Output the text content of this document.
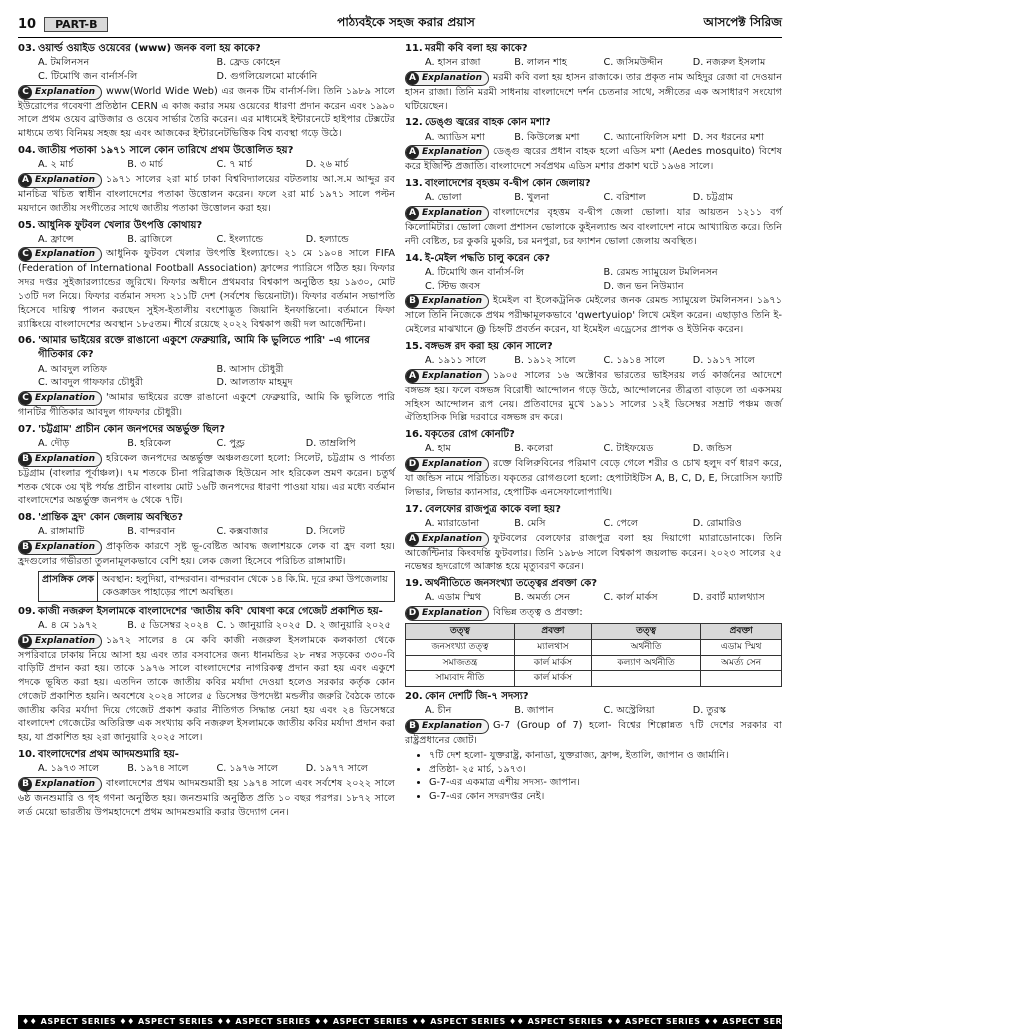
10	PART-B	পাঠ্যবইকে সহজ করার প্রয়াস	আসপেক্ট সিরিজ
03. ওয়ার্ল্ড ওয়াইড ওয়েবের (www) জনক বলা হয় কাকে?
A. টমলিনসন	B. ফ্রেড কোহেন
C. টিমোথি জন বার্নার্স-লি	D. গুগলিয়েলমো মার্কোনি
C Explanation www(World Wide Web) এর জনক টিম বার্নার্স-লি। তিনি ১৯৮৯ সালে ইউরোপের গবেষণা প্রতিষ্ঠান CERN এ কাজ করার সময় ওয়েবের ধারণা প্রদান করেন এবং ১৯৯০ সালে প্রথম ওয়েব ব্রাউজার ও ওয়েব সার্ভার তৈরি করেন। এর মাধ্যমেই ইন্টারনেটে হাইপার টেক্সটের মাধ্যমে তথ্য বিনিময় সহজ হয় এবং আজকের ইন্টারনেটভিত্তিক বিশ্ব ব্যবস্থা গড়ে উঠে।
04. জাতীয় পতাকা ১৯৭১ সালে কোন তারিখে প্রথম উত্তোলিত হয়?
A. ২ মার্চ	B. ৩ মার্চ	C. ৭ মার্চ	D. ২৬ মার্চ
A Explanation ১৯৭১ সালের ২রা মার্চ ঢাকা বিশ্ববিদ্যালয়ের বটতলায় আ.স.ম আব্দুর রব মানচিত্র খচিত স্বাধীন বাংলাদেশের পতাকা উত্তোলন করেন। ফলে ২রা মার্চ ১৯৭১ সালে পল্টন ময়দানে জাতীয় সংগীতের সাথে জাতীয় পতাকা উত্তোলন করা হয়।
05. আধুনিক ফুটবল খেলার উৎপত্তি কোথায়?
A. ফ্রান্সে	B. ব্রাজিলে	C. ইংল্যান্ডে	D. হল্যান্ডে
C Explanation আধুনিক ফুটবল খেলার উৎপত্তি ইংল্যান্ডে। ২১ মে ১৯০৪ সালে FIFA (Federation of International Football Association) ফ্রান্সের প্যারিসে গঠিত হয়। ফিফার সদর দপ্তর সুইজারল্যান্ডের জুরিখে। ফিফার অধীনে প্রথমবার বিশ্বকাপ অনুষ্ঠিত হয় ১৯৩০, মোট ১৩টি দল নিয়ে। ফিফার বর্তমান সদস্য ২১১টি দেশ (সর্বশেষ ভিয়েনাটা)। ফিফার বর্তমান সভাপতি হিসেবে দায়িত্ব পালন করছেন সুইস-ইতালীয় বংশোদ্ভূত জিয়ানি ইনফান্তিনো। বর্তমানে ফিফা র‍্যাঙ্কিংয়ে বাংলাদেশের অবস্থান ১৮৫তম। শীর্ষে রয়েছে ২০২২ বিশ্বকাপ জয়ী দল আর্জেন্টিনা।
06. 'আমার ভাইয়ের রক্তে রাঙানো একুশে ফেব্রুয়ারি, আমি কি ভুলিতে পারি' –এ গানের গীতিকার কে?
A. আবদুল লতিফ	B. আসাদ চৌধুরী
C. আবদুল গাফফার চৌধুরী	D. আলতাফ মাহমুদ
C Explanation 'আমার ভাইয়ের রক্তে রাঙানো একুশে ফেব্রুয়ারি, আমি কি ভুলিতে পারি গানটির গীতিকার আবদুল গাফফার চৌধুরী।
07. 'চট্টগ্রাম' প্রাচীন কোন জনপদের অন্তর্ভুক্ত ছিল?
A. দৌড়	B. হরিকেল	C. পুণ্ড্র	D. তাম্রলিপি
B Explanation হরিকেল জনপদের অন্তর্ভুক্ত অঞ্চলগুলো হলো: সিলেট, চট্টগ্রাম ও পার্বত্য চট্টগ্রাম (বাংলার পূর্বাঞ্চল)। ৭ম শতকে চীনা পরিব্রাজক হিউয়েন সাং হরিকেল ভ্রমণ করেন। চতুর্থ শতক থেকে ৩য় খৃষ্ট পর্যন্ত প্রাচীন বাংলায় মোট ১৬টি জনপদের ধারণা পাওয়া যায়। এর মধ্যে বর্তমান বাংলাদেশের অন্তর্ভুক্ত জনপদ ৬ থেকে ৭টি।
08. 'প্রান্তিক হ্রদ' কোন জেলায় অবস্থিত?
A. রাঙ্গামাটি	B. বান্দরবান	C. কক্সবাজার	D. সিলেট
B Explanation প্রাকৃতিক কারণে সৃষ্ট ভূ-বেষ্টিত আবদ্ধ জলাশয়কে লেক বা হ্রদ বলা হয়। হ্রদগুলোর গভীরতা তুলনামূলকভাবে বেশি হয়। লেক জেলা হিসেবে পরিচিত রাঙ্গামাটি।
প্রাসঙ্গিক লেক অবস্থান: হলুদিয়া, বান্দরবান। বান্দরবান থেকে ১৪ কি.মি. দূরে রুমা উপজেলায় কেওক্রাডং পাহাড়ের পাশে অবস্থিত।
09. কাজী নজরুল ইসলামকে বাংলাদেশের 'জাতীয় কবি' ঘোষণা করে গেজেট প্রকাশিত হয়-
A. ৪ মে ১৯৭২	B. ৫ ডিসেম্বর ২০২৪ C. ১ জানুয়ারি ২০২৫ D. ২ জানুয়ারি ২০২৫
D Explanation ১৯৭২ সালের ৪ মে কবি কাজী নজরুল ইসলামকে কলকাতা থেকে সপরিবারে ঢাকায় নিয়ে আসা হয় এবং তার বসবাসের জন্য ধানমন্ডির ২৮ নম্বর সড়কের ৩৩০-বি বাড়িটি প্রদান করা হয়। তাকে ১৯৭৬ সালে বাংলাদেশের নাগরিকত্ব প্রদান করা হয় এবং একুশে পদকে ভূষিত করা হয়। এতদিন তাকে জাতীয় কবির মর্যাদা দেওয়া হলেও সরকার কর্তৃক কোন গেজেট প্রকাশিত হয়নি। অবশেষে ২০২৪ সালের ৫ ডিসেম্বর উপদেষ্টা মন্ডলীর জরুরি বৈঠকে তাকে জাতীয় কবির মর্যাদা দিয়ে গেজেট প্রকাশ করার নীতিগত সিদ্ধান্ত নেয়া হয় এবং ২৪ ডিসেম্বরে বাংলাদেশ গেজেটের অতিরিক্ত এক সংখ্যায় কবি নজরুল ইসলামকে জাতীয় কবির মর্যাদা প্রদান করা হয়, যা প্রকাশিত হয় ২রা জানুয়ারি ২০২৫ সালে।
10. বাংলাদেশের প্রথম আদমশুমারি হয়-
A. ১৯৭৩ সালে	B. ১৯৭৪ সালে	C. ১৯৭৬ সালে	D. ১৯৭৭ সালে
B Explanation বাংলাদেশের প্রথম আদমশুমারী হয় ১৯৭৪ সালে এবং সর্বশেষ ২০২২ সালে ৬ষ্ঠ জনশুমারি ও গৃহ গণনা অনুষ্ঠিত হয়। জনশুমারি অনুষ্ঠিত প্রতি ১০ বছর পরপর। ১৮৭২ সালে লর্ড মেয়ো ভারতীয় উপমহাদেশে প্রথম আদমশুমারি করার উদ্যোগ নেন।
11. মরমী কবি বলা হয় কাকে?
A. হাসন রাজা	B. লালন শাহ	C. জসিমউদ্দীন	D. নজরুল ইসলাম
A Explanation মরমী কবি বলা হয় হাসন রাজাকে। তার প্রকৃত নাম অহিদুর রেজা বা দেওয়ান হাসন রাজা। তিনি মরমী সাধনায় বাংলাদেশে দর্শন চেতনার সাথে, সঙ্গীতের এক অসাধারণ সংযোগ ঘটিয়েছেন।
12. ডেঙ্গু জ্বরের বাহক কোন মশা?
A. অ্যাডিস মশা	B. কিউলেক্স মশা	C. অ্যানোফিলিস মশা D. সব ধরনের মশা
A Explanation ডেঙ্গু জ্বরের প্রধান বাহক হলো এডিস মশা (Aedes mosquito) বিশেষ করে ইজিপ্টি প্রজাতি। বাংলাদেশে সর্বপ্রথম এডিস মশার প্রকাশ ঘটে ১৯৬৪ সালে।
13. বাংলাদেশের বৃহত্তম ব-দ্বীপ কোন জেলায়?
A. ভোলা	B. খুলনা	C. বরিশাল	D. চট্টগ্রাম
A Explanation বাংলাদেশের বৃহত্তম ব-দ্বীপ জেলা ভোলা। যার আয়তন ১২১১ বর্গ কিলোমিটার। ভোলা জেলা প্রশাসন ভোলাকে কুইনল্যান্ড অব বাংলাদেশ নামে আখ্যায়িত করে। তিনি নদী বেষ্টিত, চর কুকরি মুকরি, চর মনপুরা, চর ফ্যাশন ভোলা জেলায় অবস্থিত।
14. ই-মেইল পদ্ধতি চালু করেন কে?
A. টিমোথি জন বার্নার্স-লি	B. রেমন্ড স্যামুয়েল টমলিনসন
C. স্টিভ জবস	D. জন ভন নিউম্যান
B Explanation ইমেইল বা ইলেকট্রনিক মেইলের জনক রেমন্ড স্যামুয়েল টমলিনসন। ১৯৭১ সালে তিনি নিজেকে প্রথম পরীক্ষামূলকভাবে 'qwertyuiop' লিখে মেইল করেন। এছাড়াও তিনি ই-মেইলের মাঝখানে @ চিহ্নটি প্রবর্তন করেন, যা ইমেইল এড্রেসের প্রাপক ও ইউনিক করেন।
15. বঙ্গভঙ্গ রদ করা হয় কোন সালে?
A. ১৯১১ সালে	B. ১৯১২ সালে	C. ১৯১৪ সালে	D. ১৯১৭ সালে
A Explanation ১৯০৫ সালের ১৬ অক্টোবর ভারতের ভাইসরয় লর্ড কার্জনের আদেশে বঙ্গভঙ্গ হয়। ফলে বঙ্গভঙ্গ বিরোধী আন্দোলন গড়ে উঠে, আন্দোলনের তীব্রতা বাড়লে তা একসময় সহিংস আন্দোলন রূপ নেয়। প্রতিবাদের মুখে ১৯১১ সালের ১২ই ডিসেম্বর সম্রাট পঞ্চম জর্জ ঐতিহাসিক দিল্লি দরবারে বঙ্গভঙ্গ রদ করে।
16. যকৃতের রোগ কোনটি?
A. হাম	B. কলেরা	C. টাইফয়েড	D. জন্ডিস
D Explanation রক্তে বিলিরুবিনের পরিমাণ বেড়ে গেলে শরীর ও চোখ হলুদ বর্ণ ধারণ করে, যা জন্ডিস নামে পরিচিত। যকৃতের রোগগুলো হলো: হেপাটাইটিস A, B, C, D, E, সিরোসিস ফ্যাটি লিভার, লিভার ক্যানসার, হেপাটিক এনসেফালোপ্যাথি।
17. বেলফোর রাজপুত্র কাকে বলা হয়?
A. ম্যারাডোনা	B. মেসি	C. পেলে	D. রোমারিও
A Explanation ফুটবলের বেলফোর রাজপুত্র বলা হয় দিয়াগো ম্যারাডোনাকে। তিনি আর্জেন্টিনার কিংবদন্তি ফুটবলার। তিনি ১৯৮৬ সালে বিশ্বকাপ জয়লাভ করেন। ২০২৩ সালের ২৫ নভেম্বর হৃদরোগে আক্রান্ত হয়ে মৃত্যুবরণ করেন।
19. অর্থনীতিতে জনসংখ্যা তত্ত্বের প্রবক্তা কে?
A. এডাম স্মিথ	B. অমর্ত্য সেন	C. কার্ল মার্কস	D. রবার্ট ম্যালথ্যাস
D Explanation বিভিন্ন তত্ত্ব ও প্রবক্তা:
তত্ত্ব	প্রবক্তা	তত্ত্ব	প্রবক্তা
জনসংখ্যা তত্ত্ব	ম্যালথাস	অর্থনীতি	এডাম স্মিথ
সমাজতন্ত্র	কার্ল মার্কস	কল্যাণ অর্থনীতি	অমর্ত্য সেন
সাম্যবাদ নীতি	কার্ল মার্কস		
20. কোন দেশটি জি-৭ সদস্য?
A. চীন	B. জাপান	C. অস্ট্রেলিয়া	D. তুরস্ক
B Explanation G-7 (Group of 7) হলো- বিশ্বের শিল্পোন্নত ৭টি দেশের সরকার বা রাষ্ট্রপ্রধানের জোট।
• ৭টি দেশ হলো- যুক্তরাষ্ট্র, কানাডা, যুক্তরাজ্য, ফ্রান্স, ইতালি, জাপান ও জার্মানি।
• প্রতিষ্ঠা- ২৫ মার্চ, ১৯৭৩।
• G-7-এর একমাত্র এশীয় সদস্য- জাপান।
• G-7-এর কোন সদরদপ্তর নেই।
♦♦ ASPECT SERIES ♦♦ ASPECT SERIES ♦♦ ASPECT SERIES ♦♦ ASPECT SERIES ♦♦ ASPECT SERIES ♦♦ ASPECT SERIES ♦♦ ASPECT SERIES ♦♦ ASPECT SERIES ♦♦ ASPECT SERIES ♦♦ ASPECT SERIES ♦♦
